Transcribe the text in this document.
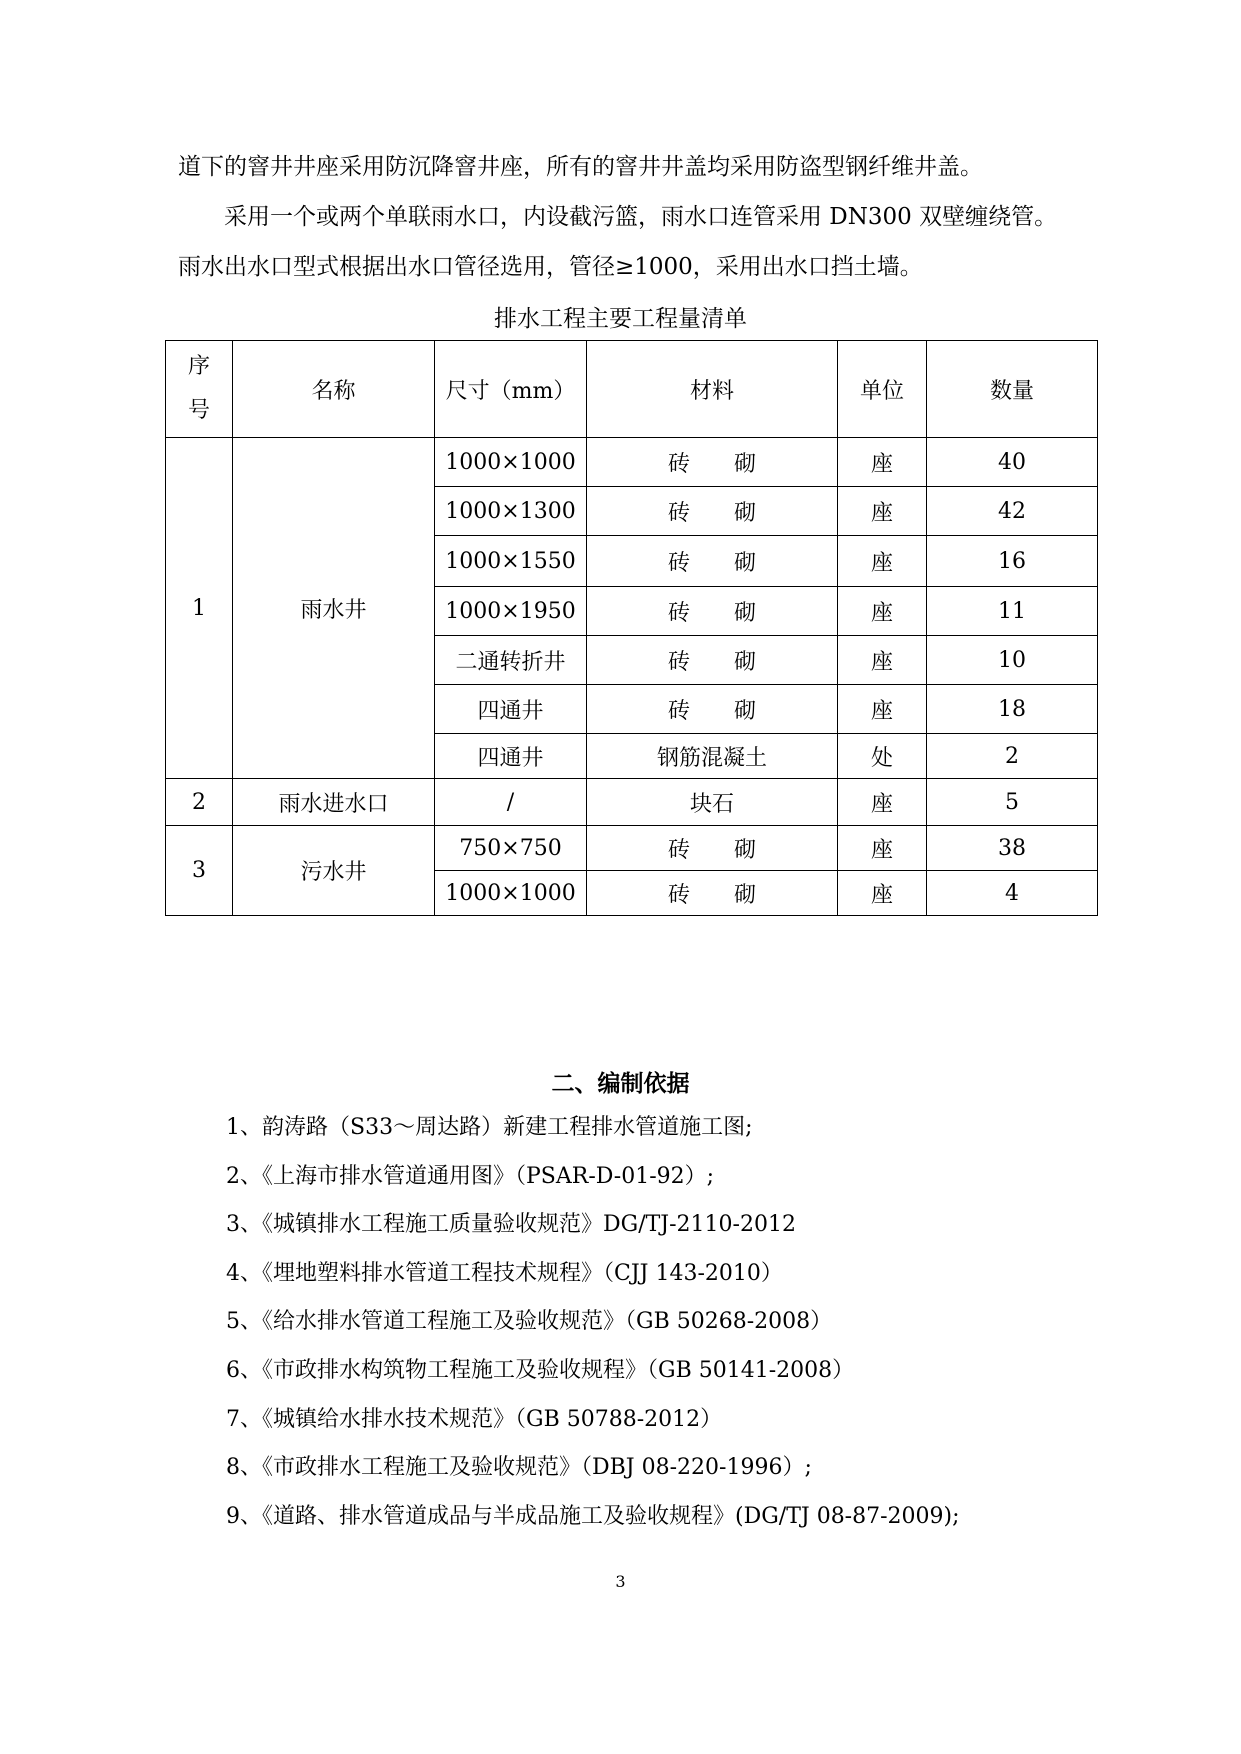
道下的窨井井座采用防沉降窨井座，所有的窨井井盖均采用防盗型钢纤维井盖。

　　采用一个或两个单联雨水口，内设截污篮，雨水口连管采用 DN300 双壁缠绕管。

雨水出水口型式根据出水口管径选用，管径≥1000，采用出水口挡土墙。

排水工程主要工程量清单
序
号	名称	尺寸（mm）	材料	单位	数量
1	雨水井	1000×1000	砖　　砌	座	40
		1000×1300	砖　　砌	座	42
		1000×1550	砖　　砌	座	16
		1000×1950	砖　　砌	座	11
		二通转折井	砖　　砌	座	10
		四通井	砖　　砌	座	18
		四通井	钢筋混凝土	处	2
2	雨水进水口	/	块石	座	5
3	污水井	750×750	砖　　砌	座	38
		1000×1000	砖　　砌	座	4
二、编制依据
1、韵涛路（S33～周达路）新建工程排水管道施工图;
2、《上海市排水管道通用图》（PSAR-D-01-92）;
3、《城镇排水工程施工质量验收规范》DG/TJ-2110-2012
4、《埋地塑料排水管道工程技术规程》（CJJ 143-2010）
5、《给水排水管道工程施工及验收规范》（GB 50268-2008）
6、《市政排水构筑物工程施工及验收规程》（GB 50141-2008）
7、《城镇给水排水技术规范》（GB 50788-2012）
8、《市政排水工程施工及验收规范》（DBJ 08-220-1996）;
9、《道路、排水管道成品与半成品施工及验收规程》(DG/TJ 08-87-2009);
3
